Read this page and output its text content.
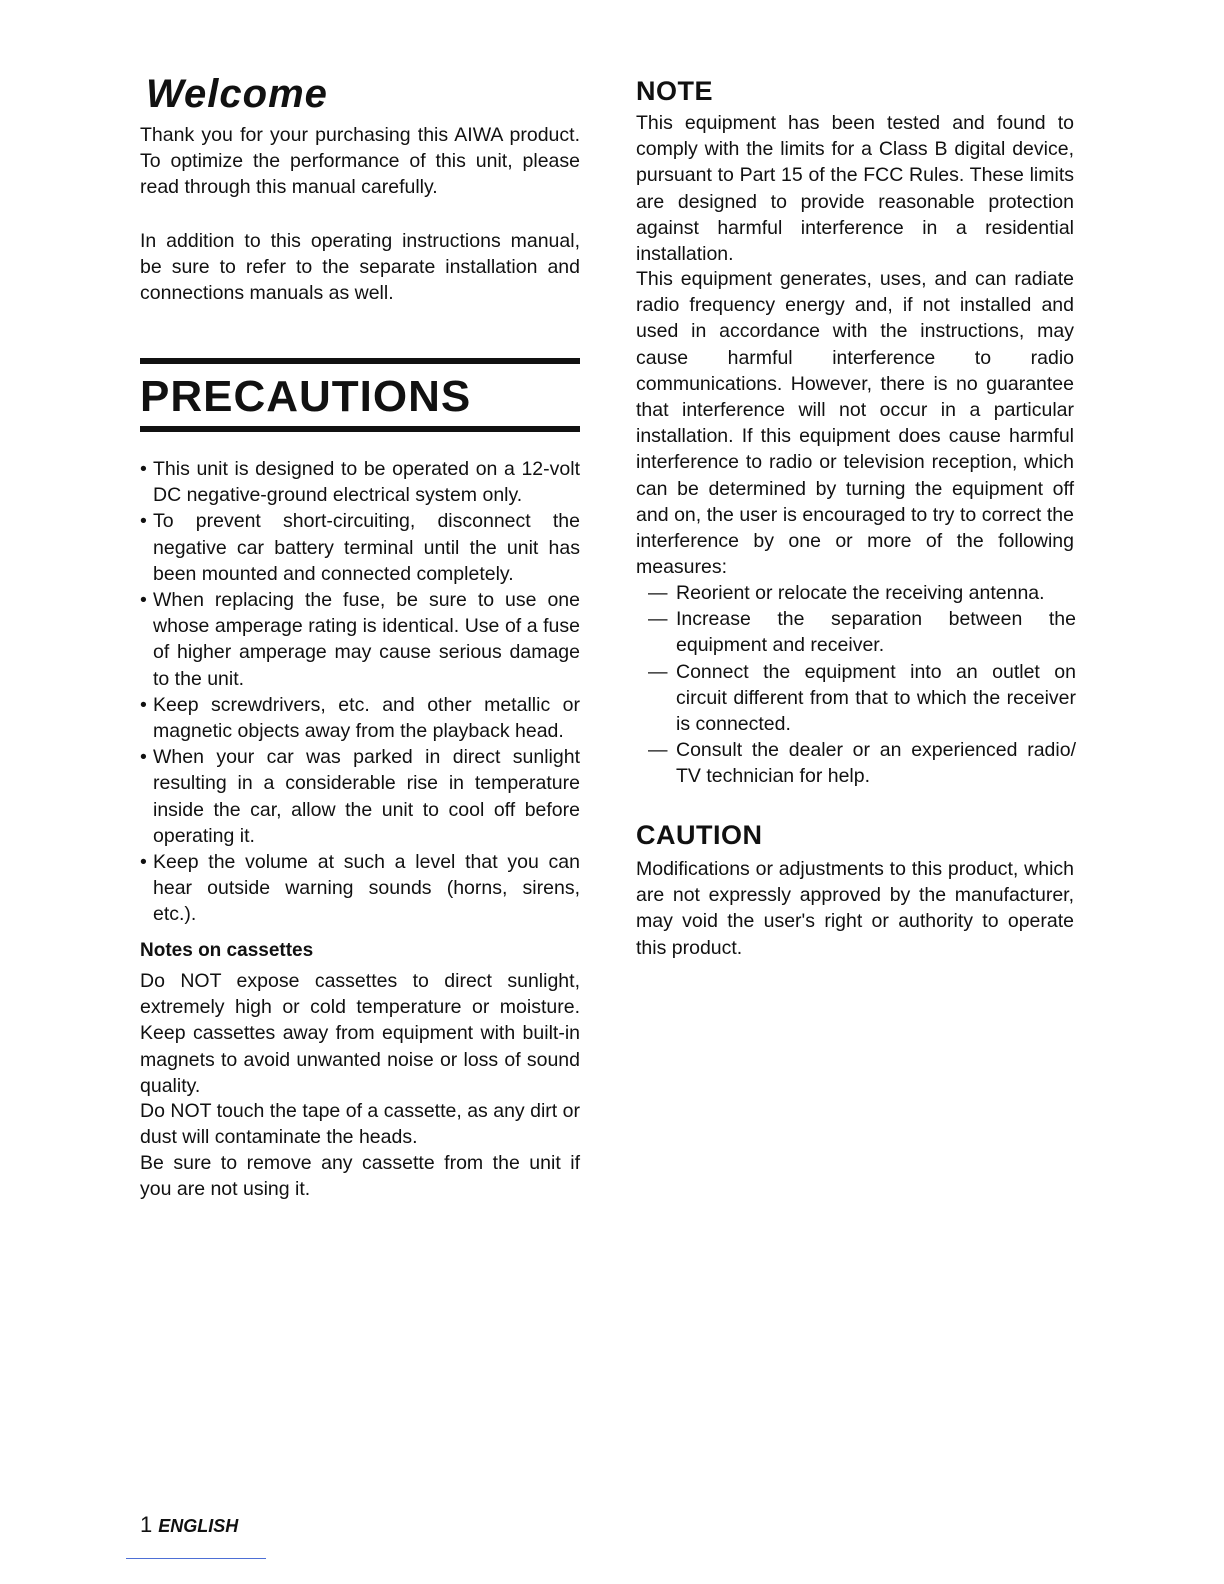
Welcome

Thank you for your purchasing this AIWA product. To optimize the performance of this unit, please read through this manual carefully.

In addition to this operating instructions manual, be sure to refer to the separate installation and connections manuals as well.

PRECAUTIONS
• This unit is designed to be operated on a 12-volt DC negative-ground electrical system only.
• To prevent short-circuiting, disconnect the negative car battery terminal until the unit has been mounted and connected completely.
• When replacing the fuse, be sure to use one whose amperage rating is identical. Use of a fuse of higher amperage may cause serious damage to the unit.
• Keep screwdrivers, etc. and other metallic or magnetic objects away from the playback head.
• When your car was parked in direct sunlight resulting in a considerable rise in temperature inside the car, allow the unit to cool off before operating it.
• Keep the volume at such a level that you can hear outside warning sounds (horns, sirens, etc.).
Notes on cassettes

Do NOT expose cassettes to direct sunlight, extremely high or cold temperature or moisture. Keep cassettes away from equipment with built-in magnets to avoid unwanted noise or loss of sound quality.

Do NOT touch the tape of a cassette, as any dirt or dust will contaminate the heads.

Be sure to remove any cassette from the unit if you are not using it.

NOTE

This equipment has been tested and found to comply with the limits for a Class B digital device, pursuant to Part 15 of the FCC Rules. These limits are designed to provide reasonable protection against harmful interference in a residential installation.

This equipment generates, uses, and can radiate radio frequency energy and, if not installed and used in accordance with the instructions, may cause harmful interference to radio communications. However, there is no guarantee that interference will not occur in a particular installation. If this equipment does cause harmful interference to radio or television reception, which can be determined by turning the equipment off and on, the user is encouraged to try to correct the interference by one or more of the following measures:

— Reorient or relocate the receiving antenna.
— Increase the separation between the equipment and receiver.
— Connect the equipment into an outlet on circuit different from that to which the receiver is connected.
— Consult the dealer or an experienced radio/ TV technician for help.
CAUTION

Modifications or adjustments to this product, which are not expressly approved by the manufacturer, may void the user's right or authority to operate this product.

1 ENGLISH
